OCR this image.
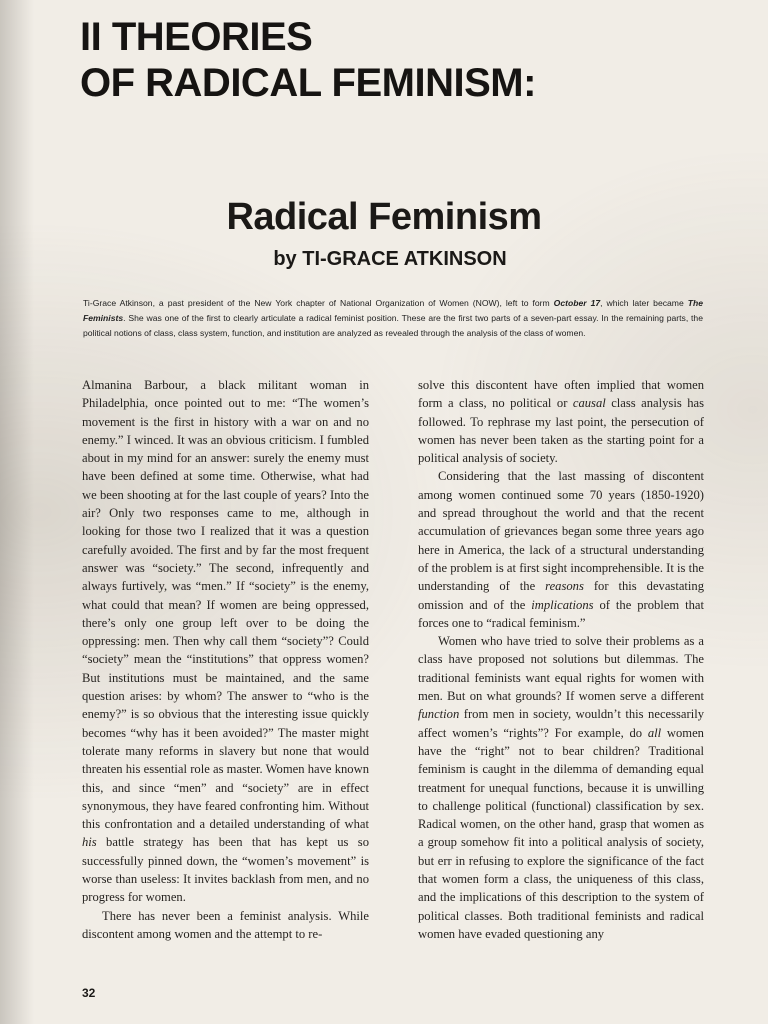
II THEORIES
OF RADICAL FEMINISM:
Radical Feminism
by TI-GRACE ATKINSON
Ti-Grace Atkinson, a past president of the New York chapter of National Organization of Women (NOW), left to form October 17, which later became The Feminists. She was one of the first to clearly articulate a radical feminist position. These are the first two parts of a seven-part essay. In the remaining parts, the political notions of class, class system, function, and institution are analyzed as revealed through the analysis of the class of women.

Almanina Barbour, a black militant woman in Philadelphia, once pointed out to me: “The women’s movement is the first in history with a war on and no enemy.” I winced. It was an obvious criticism. I fumbled about in my mind for an answer: surely the enemy must have been defined at some time. Otherwise, what had we been shooting at for the last couple of years? Into the air? Only two responses came to me, although in looking for those two I realized that it was a question carefully avoided. The first and by far the most frequent answer was “society.” The second, infrequently and always furtively, was “men.” If “society” is the enemy, what could that mean? If women are being oppressed, there’s only one group left over to be doing the oppressing: men. Then why call them “society”? Could “society” mean the “institutions” that oppress women? But institutions must be maintained, and the same question arises: by whom? The answer to “who is the enemy?” is so obvious that the interesting issue quickly becomes “why has it been avoided?” The master might tolerate many reforms in slavery but none that would threaten his essential role as master. Women have known this, and since “men” and “society” are in effect synonymous, they have feared confronting him. Without this confrontation and a detailed understanding of what his battle strategy has been that has kept us so successfully pinned down, the “women’s movement” is worse than useless: It invites backlash from men, and no progress for women.

There has never been a feminist analysis. While discontent among women and the attempt to re-

solve this discontent have often implied that women form a class, no political or causal class analysis has followed. To rephrase my last point, the persecution of women has never been taken as the starting point for a political analysis of society.

Considering that the last massing of discontent among women continued some 70 years (1850-1920) and spread throughout the world and that the recent accumulation of grievances began some three years ago here in America, the lack of a structural understanding of the problem is at first sight incomprehensible. It is the understanding of the reasons for this devastating omission and of the implications of the problem that forces one to “radical feminism.”

Women who have tried to solve their problems as a class have proposed not solutions but dilemmas. The traditional feminists want equal rights for women with men. But on what grounds? If women serve a different function from men in society, wouldn’t this necessarily affect women’s “rights”? For example, do all women have the “right” not to bear children? Traditional feminism is caught in the dilemma of demanding equal treatment for unequal functions, because it is unwilling to challenge political (functional) classification by sex. Radical women, on the other hand, grasp that women as a group somehow fit into a political analysis of society, but err in refusing to explore the significance of the fact that women form a class, the uniqueness of this class, and the implications of this description to the system of political classes. Both traditional feminists and radical women have evaded questioning any

32
